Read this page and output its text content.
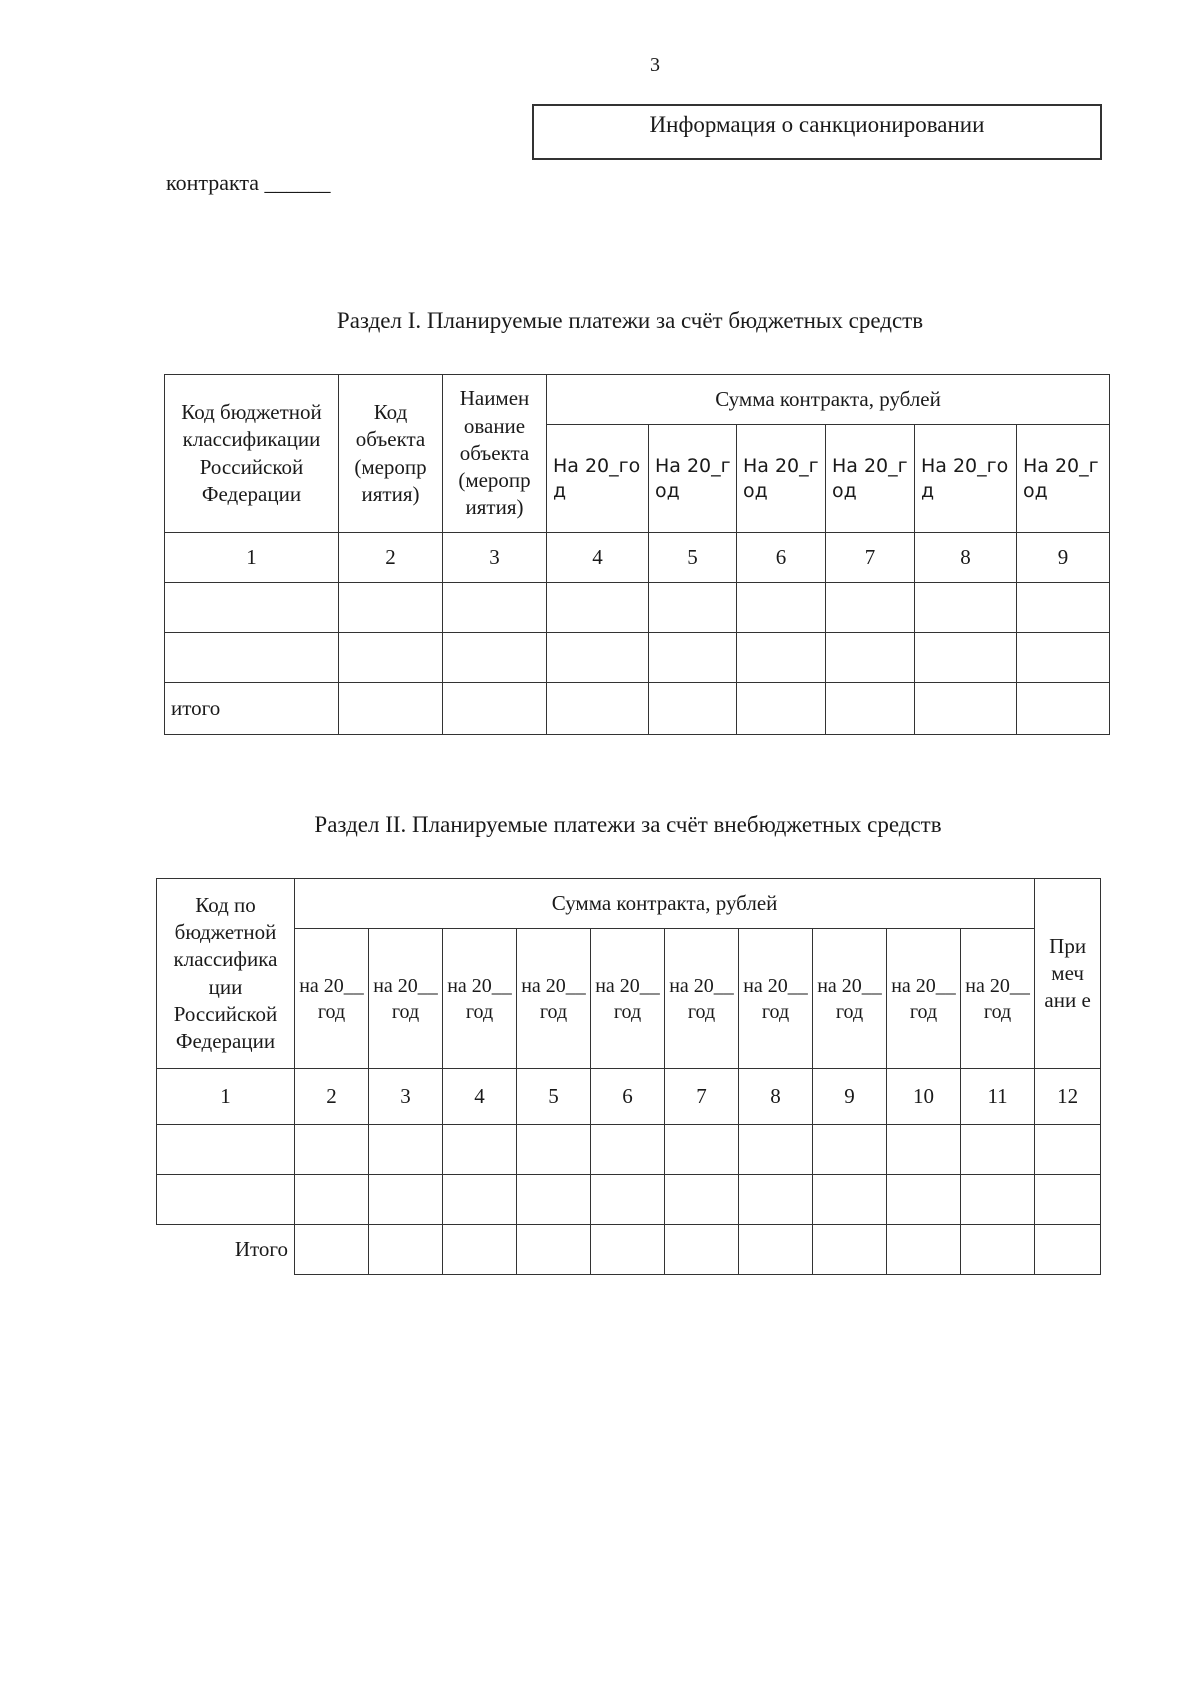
3
Информация о санкционировании
контракта ______
Раздел I. Планируемые платежи за счёт бюджетных средств
Код бюджетной классификации Российской Федерации	Код объекта (меропр иятия)	Наимен ование объекта (меропр иятия)	Сумма контракта, рублей					
			На 20_год	На 20_год	На 20_год	На 20_год	На 20_год	На 20_год
1	2	3	4	5	6	7	8	9

итого								
Раздел II. Планируемые платежи за счёт внебюджетных средств
Код по бюджетной классифика ции Российской Федерации	Сумма контракта, рублей										При меч ани е
	на 20__ год	на 20__ год	на 20__ год	на 20__ год	на 20__ год	на 20__ год	на 20__ год	на 20__ год	на 20__ год	на 20__ год	
1	2	3	4	5	6	7	8	9	10	11	12

Итого											
